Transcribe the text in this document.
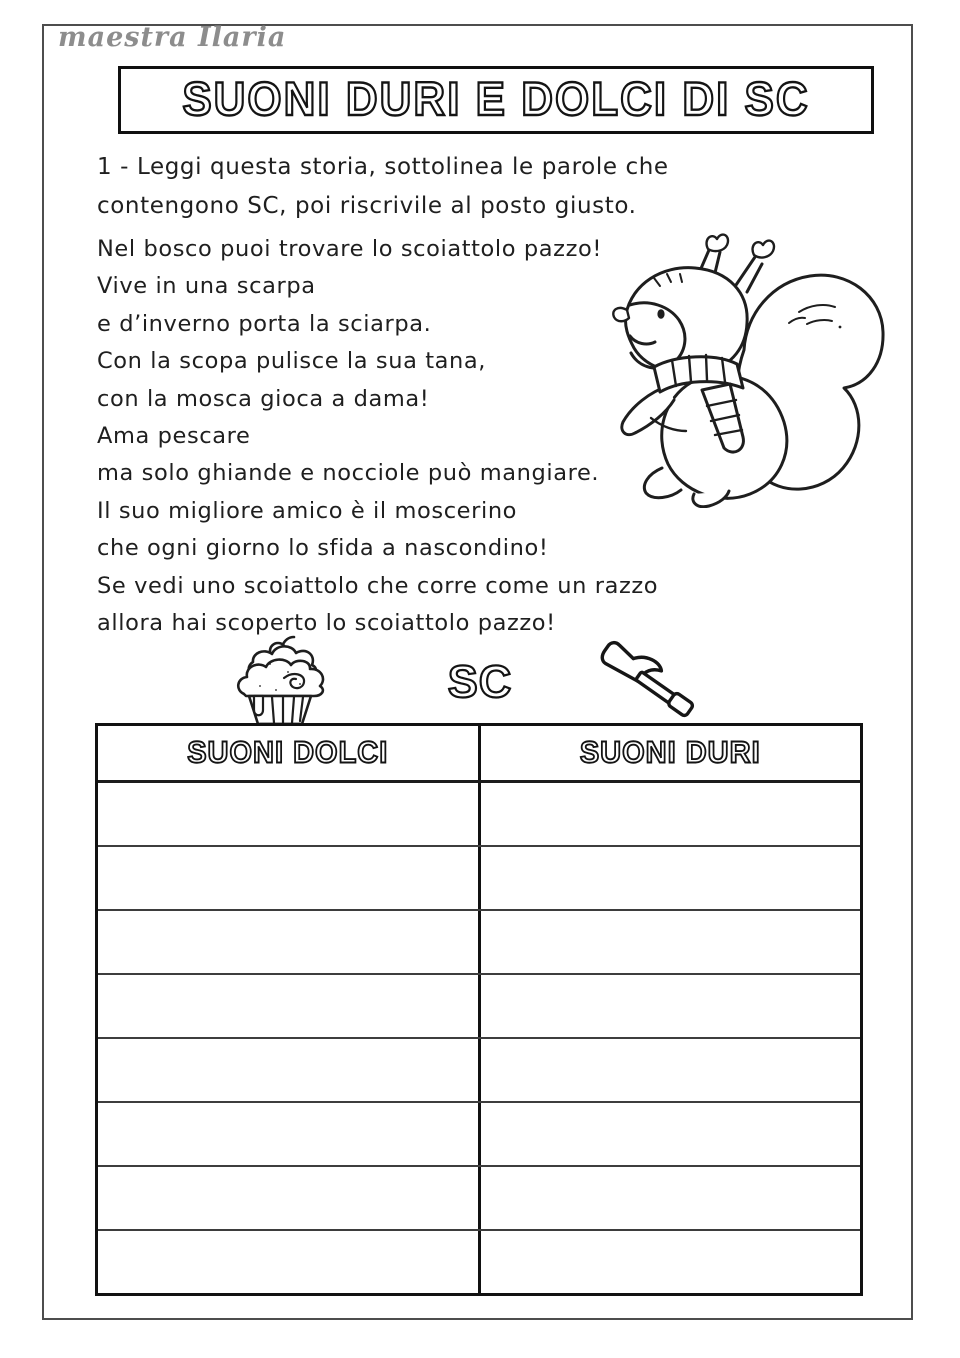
maestra Ilaria
SUONI DURI E DOLCI DI SC
1 - Leggi questa storia, sottolinea le parole che
contengono SC, poi riscrivile al posto giusto.
Nel bosco puoi trovare lo scoiattolo pazzo!
Vive in una scarpa
e d’inverno porta la sciarpa.
Con la scopa pulisce la sua tana,
con la mosca gioca a dama!
Ama pescare
ma solo ghiande e nocciole può mangiare.
Il suo migliore amico è il moscerino
che ogni giorno lo sfida a nascondino!
Se vedi uno scoiattolo che corre come un razzo
allora hai scoperto lo scoiattolo pazzo!
SC
SUONI DOLCI	SUONI DURI
